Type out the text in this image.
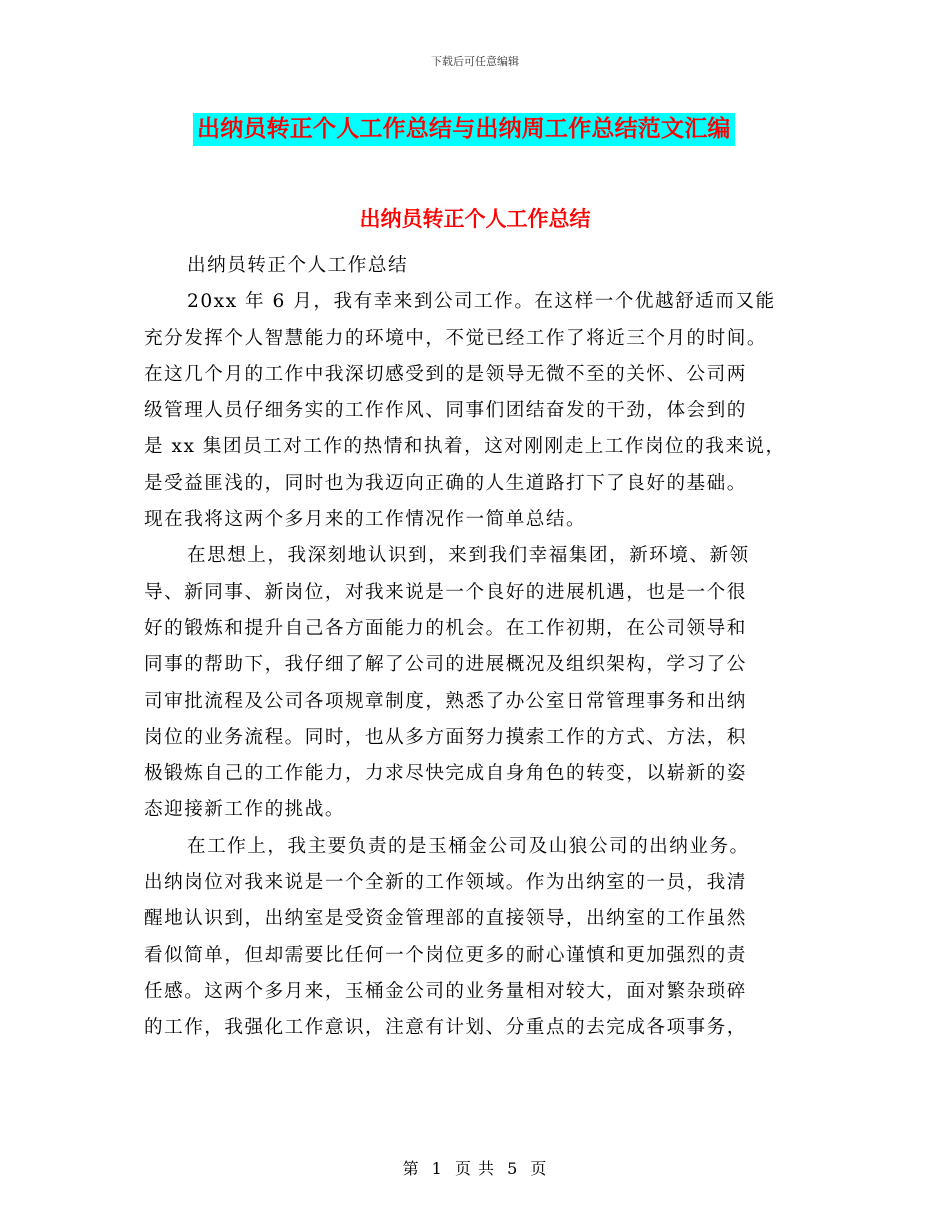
下载后可任意编辑
出纳员转正个人工作总结与出纳周工作总结范文汇编
出纳员转正个人工作总结
出纳员转正个人工作总结
20xx 年 6 月，我有幸来到公司工作。在这样一个优越舒适而又能
充分发挥个人智慧能力的环境中，不觉已经工作了将近三个月的时间。
在这几个月的工作中我深切感受到的是领导无微不至的关怀、公司两
级管理人员仔细务实的工作作风、同事们团结奋发的干劲，体会到的
是 xx 集团员工对工作的热情和执着，这对刚刚走上工作岗位的我来说，
是受益匪浅的，同时也为我迈向正确的人生道路打下了良好的基础。
现在我将这两个多月来的工作情况作一简单总结。
在思想上，我深刻地认识到，来到我们幸福集团，新环境、新领
导、新同事、新岗位，对我来说是一个良好的进展机遇，也是一个很
好的锻炼和提升自己各方面能力的机会。在工作初期，在公司领导和
同事的帮助下，我仔细了解了公司的进展概况及组织架构，学习了公
司审批流程及公司各项规章制度，熟悉了办公室日常管理事务和出纳
岗位的业务流程。同时，也从多方面努力摸索工作的方式、方法，积
极锻炼自己的工作能力，力求尽快完成自身角色的转变，以崭新的姿
态迎接新工作的挑战。
在工作上，我主要负责的是玉桶金公司及山狼公司的出纳业务。
出纳岗位对我来说是一个全新的工作领域。作为出纳室的一员，我清
醒地认识到，出纳室是受资金管理部的直接领导，出纳室的工作虽然
看似简单，但却需要比任何一个岗位更多的耐心谨慎和更加强烈的责
任感。这两个多月来，玉桶金公司的业务量相对较大，面对繁杂琐碎
的工作，我强化工作意识，注意有计划、分重点的去完成各项事务，
第 1 页 共 5 页
